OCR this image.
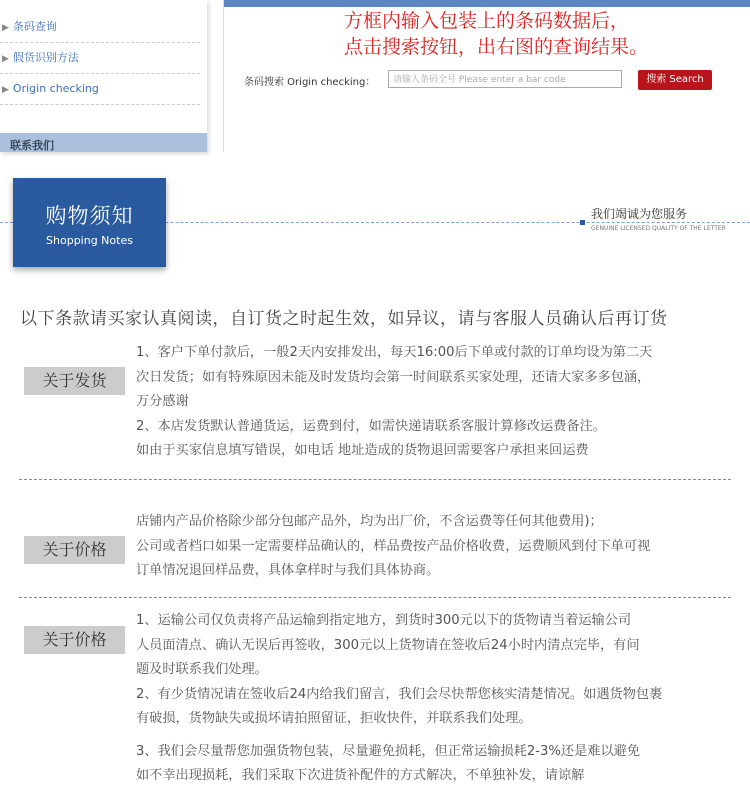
▶ 条码查询
▶ 假货识别方法
▶ Origin checking
联系我们
方框内输入包装上的条码数据后，
点击搜索按钮，出右图的查询结果。
条码搜索 Origin checking：	请输入条码全号 Please enter a bar code	搜索 Search
购物须知
Shopping Notes
我们竭诚为您服务
GENUINE LICENSED QUALITY OF THE LETTER
以下条款请买家认真阅读，自订货之时起生效，如异议，请与客服人员确认后再订货
关于发货
1、客户下单付款后，一般2天内安排发出，每天16:00后下单或付款的订单均设为第二天
次日发货；如有特殊原因未能及时发货均会第一时间联系买家处理，还请大家多多包涵，
万分感谢
2、本店发货默认普通货运，运费到付，如需快递请联系客服计算修改运费备注。
如由于买家信息填写错误，如电话 地址造成的货物退回需要客户承担来回运费
关于价格
店铺内产品价格除少部分包邮产品外，均为出厂价，不含运费等任何其他费用)；
公司或者档口如果一定需要样品确认的，样品费按产品价格收费，运费顺风到付下单可视
订单情况退回样品费，具体拿样时与我们具体协商。
关于价格
1、运输公司仅负责将产品运输到指定地方，到货时300元以下的货物请当着运输公司
人员面清点、确认无误后再签收，300元以上货物请在签收后24小时内清点完毕，有问
题及时联系我们处理。
2、有少货情况请在签收后24内给我们留言，我们会尽快帮您核实清楚情况。如遇货物包裹
有破损，货物缺失或损坏请拍照留证，拒收快件，并联系我们处理。
3、我们会尽量帮您加强货物包装，尽量避免损耗，但正常运输损耗2-3%还是难以避免
如不幸出现损耗，我们采取下次进货补配件的方式解决，不单独补发，请谅解
